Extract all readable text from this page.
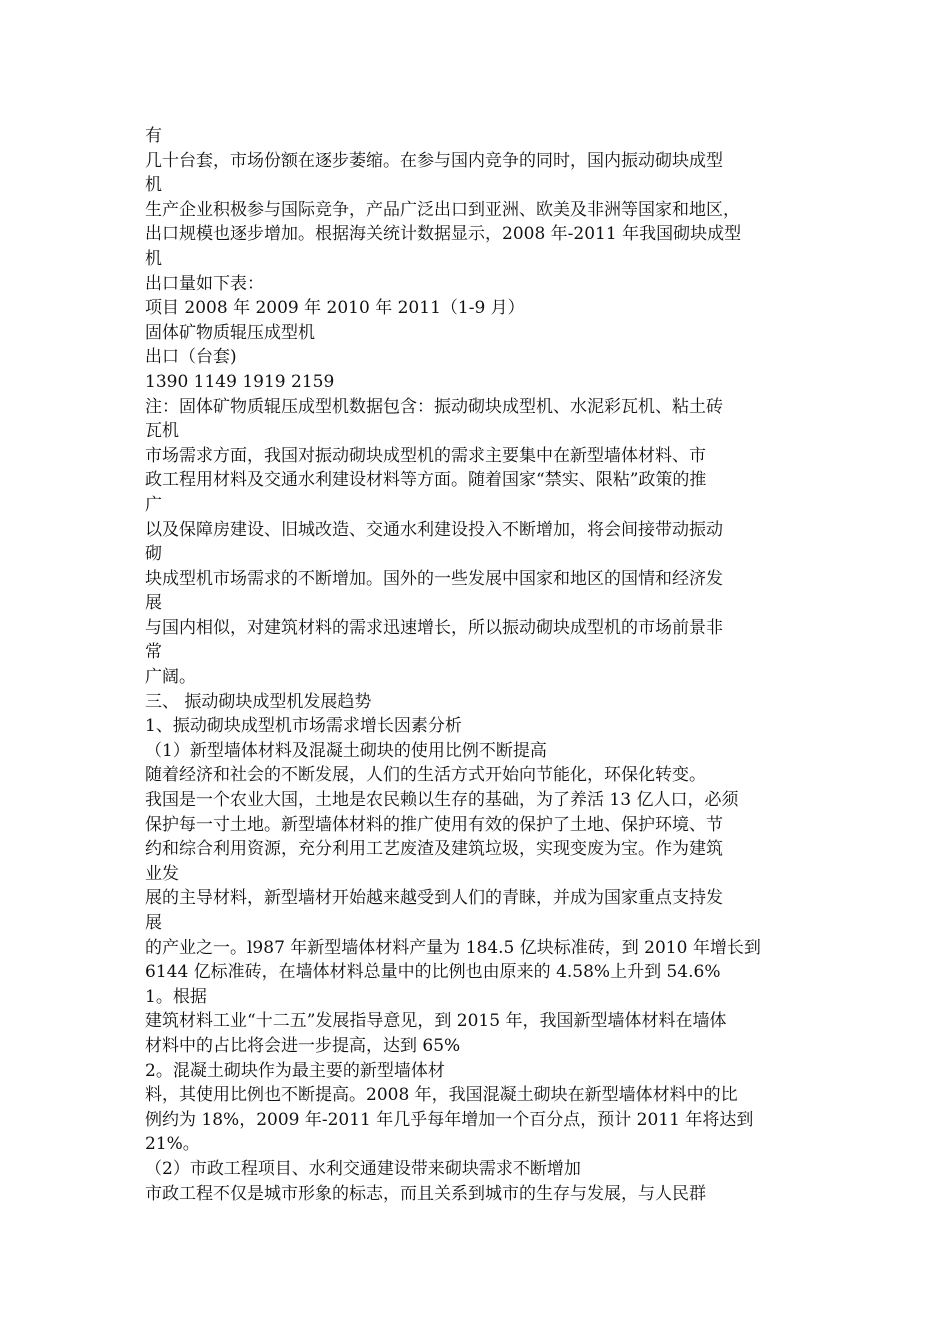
有
几十台套，市场份额在逐步萎缩。在参与国内竞争的同时，国内振动砌块成型
机
生产企业积极参与国际竞争，产品广泛出口到亚洲、欧美及非洲等国家和地区，
出口规模也逐步增加。根据海关统计数据显示，2008 年-2011 年我国砌块成型
机
出口量如下表：
项目 2008 年 2009 年 2010 年 2011（1-9 月）
固体矿物质辊压成型机
出口（台套)
1390 1149 1919 2159
注：固体矿物质辊压成型机数据包含：振动砌块成型机、水泥彩瓦机、粘土砖
瓦机
市场需求方面，我国对振动砌块成型机的需求主要集中在新型墙体材料、市
政工程用材料及交通水利建设材料等方面。随着国家“禁实、限粘”政策的推
广
以及保障房建设、旧城改造、交通水利建设投入不断增加，将会间接带动振动
砌
块成型机市场需求的不断增加。国外的一些发展中国家和地区的国情和经济发
展
与国内相似，对建筑材料的需求迅速增长，所以振动砌块成型机的市场前景非
常
广阔。
三、 振动砌块成型机发展趋势
1、振动砌块成型机市场需求增长因素分析
（1）新型墙体材料及混凝土砌块的使用比例不断提高
随着经济和社会的不断发展，人们的生活方式开始向节能化，环保化转变。
我国是一个农业大国，土地是农民赖以生存的基础，为了养活 13 亿人口，必须
保护每一寸土地。新型墙体材料的推广使用有效的保护了土地、保护环境、节
约和综合利用资源，充分利用工艺废渣及建筑垃圾，实现变废为宝。作为建筑
业发
展的主导材料，新型墙材开始越来越受到人们的青睐，并成为国家重点支持发
展
的产业之一。l987 年新型墙体材料产量为 184.5 亿块标准砖，到 2010 年增长到
6144 亿标准砖，在墙体材料总量中的比例也由原来的 4.58%上升到 54.6%
1。根据
建筑材料工业“十二五”发展指导意见，到 2015 年，我国新型墙体材料在墙体
材料中的占比将会进一步提高，达到 65%
2。混凝土砌块作为最主要的新型墙体材
料，其使用比例也不断提高。2008 年，我国混凝土砌块在新型墙体材料中的比
例约为 18%，2009 年-2011 年几乎每年增加一个百分点，预计 2011 年将达到
21%。
（2）市政工程项目、水利交通建设带来砌块需求不断增加
市政工程不仅是城市形象的标志，而且关系到城市的生存与发展，与人民群
